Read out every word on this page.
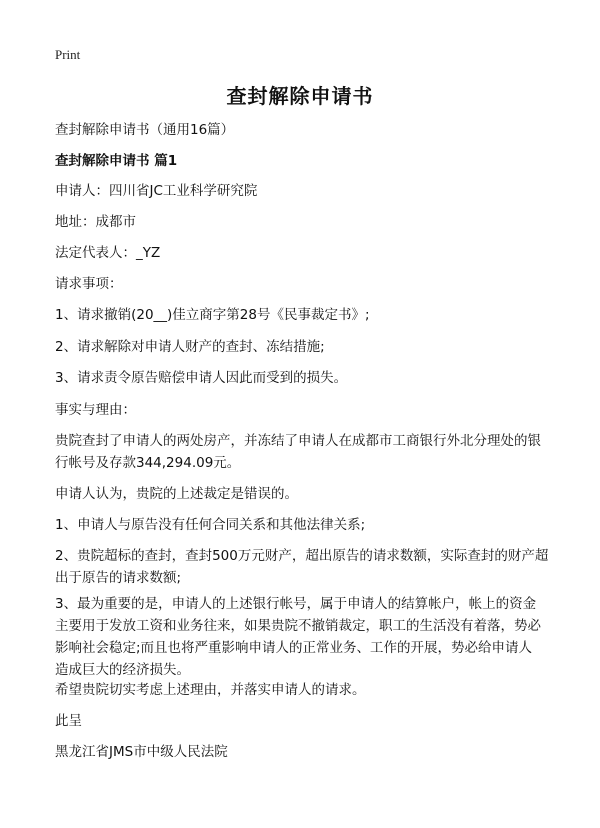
Print
查封解除申请书
查封解除申请书（通用16篇）
查封解除申请书 篇1
申请人：四川省JC工业科学研究院
地址：成都市
法定代表人：_YZ
请求事项：
1、请求撤销(20__)佳立商字第28号《民事裁定书》;
2、请求解除对申请人财产的查封、冻结措施;
3、请求责令原告赔偿申请人因此而受到的损失。
事实与理由：
贵院查封了申请人的两处房产，并冻结了申请人在成都市工商银行外北分理处的银
行帐号及存款344,294.09元。
申请人认为，贵院的上述裁定是错误的。
1、申请人与原告没有任何合同关系和其他法律关系;
2、贵院超标的查封，查封500万元财产，超出原告的请求数额，实际查封的财产超
出于原告的请求数额;
3、最为重要的是，申请人的上述银行帐号，属于申请人的结算帐户，帐上的资金
主要用于发放工资和业务往来，如果贵院不撤销裁定，职工的生活没有着落，势必
影响社会稳定;而且也将严重影响申请人的正常业务、工作的开展，势必给申请人
造成巨大的经济损失。
希望贵院切实考虑上述理由，并落实申请人的请求。
此呈
黑龙江省JMS市中级人民法院
